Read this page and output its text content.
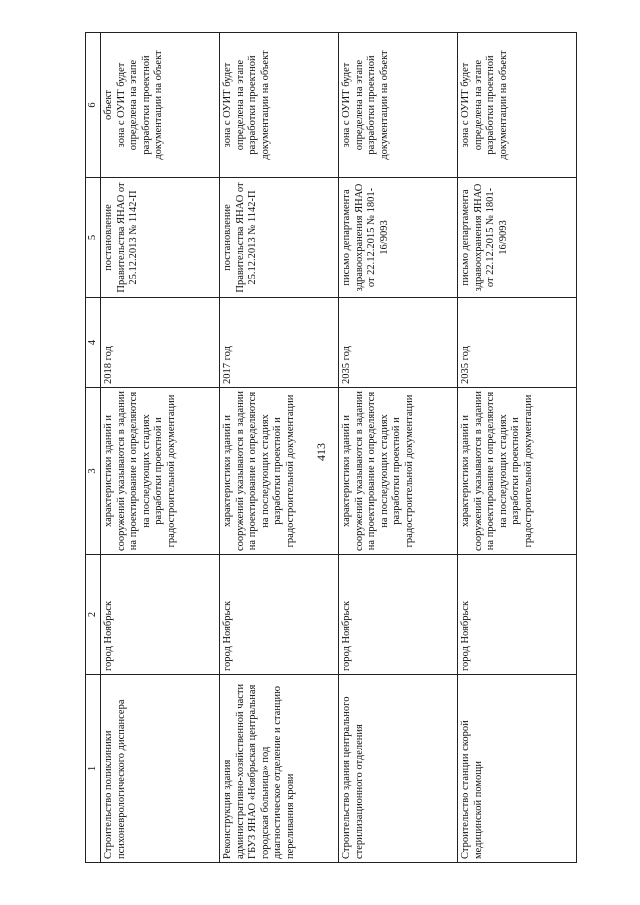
413
1	2	3	4	5	6
Строительство поликлиники психоневрологического диспансера	город Ноябрьск	характеристики зданий и сооружений указываются в задании на проектирование и определяются на последующих стадиях разработки проектной и градостроительной документации	2018 год	постановление Правительства ЯНАО от 25.12.2013 № 1142-П	объект зона с ОУИТ будет определена на этапе разработки проектной документации на объект
Реконструкция здания административно-хозяйственной части ГБУЗ ЯНАО «Ноябрьская центральная городская больница» под диагностическое отделение и станцию переливания крови	город Ноябрьск	характеристики зданий и сооружений указываются в задании на проектирование и определяются на последующих стадиях разработки проектной и градостроительной документации	2017 год	постановление Правительства ЯНАО от 25.12.2013 № 1142-П	зона с ОУИТ будет определена на этапе разработки проектной документации на объект
Строительство здания центрального стерилизационного отделения	город Ноябрьск	характеристики зданий и сооружений указываются в задании на проектирование и определяются на последующих стадиях разработки проектной и градостроительной документации	2035 год	письмо департамента здравоохранения ЯНАО от 22.12.2015 № 1801-16/9093	зона с ОУИТ будет определена на этапе разработки проектной документации на объект
Строительство станции скорой медицинской помощи	город Ноябрьск	характеристики зданий и сооружений указываются в задании на проектирование и определяются на последующих стадиях разработки проектной и градостроительной документации	2035 год	письмо департамента здравоохранения ЯНАО от 22.12.2015 № 1801-16/9093	зона с ОУИТ будет определена на этапе разработки проектной документации на объект
